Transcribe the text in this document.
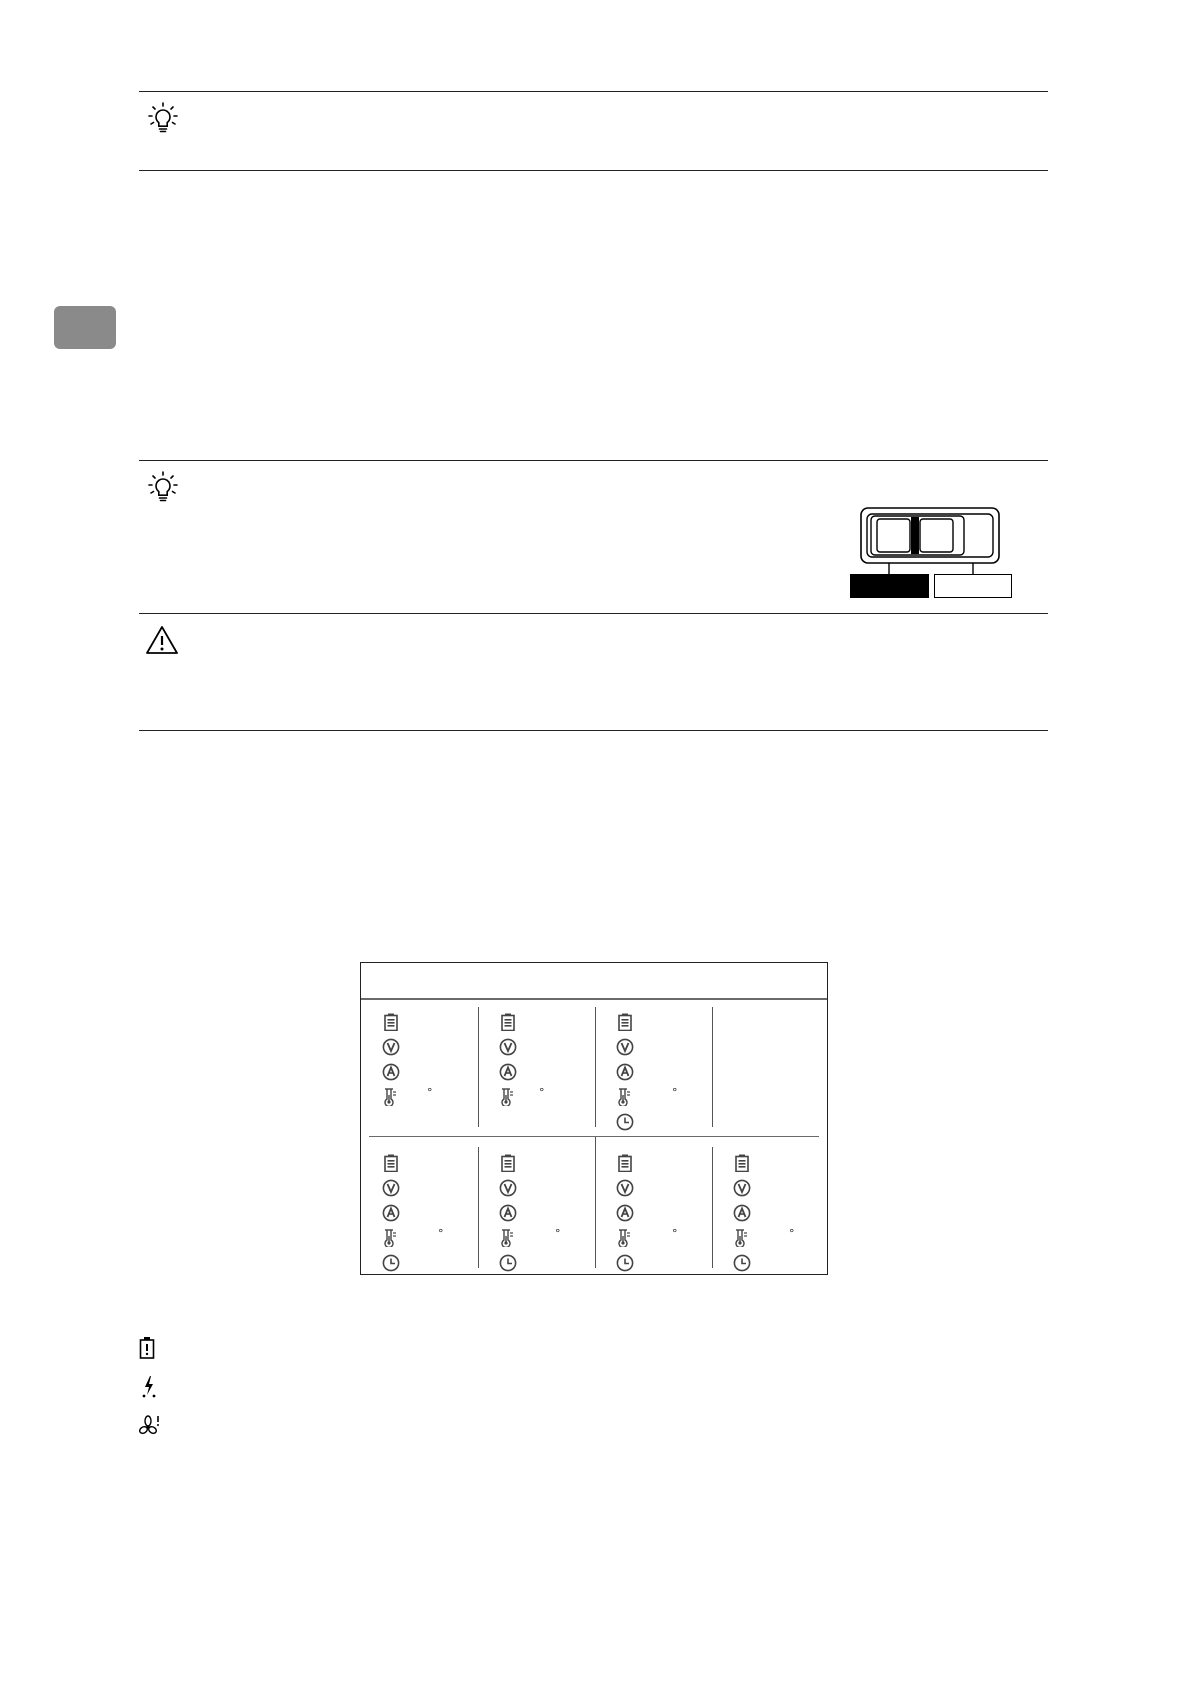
°	°	°
°	°	°	°
